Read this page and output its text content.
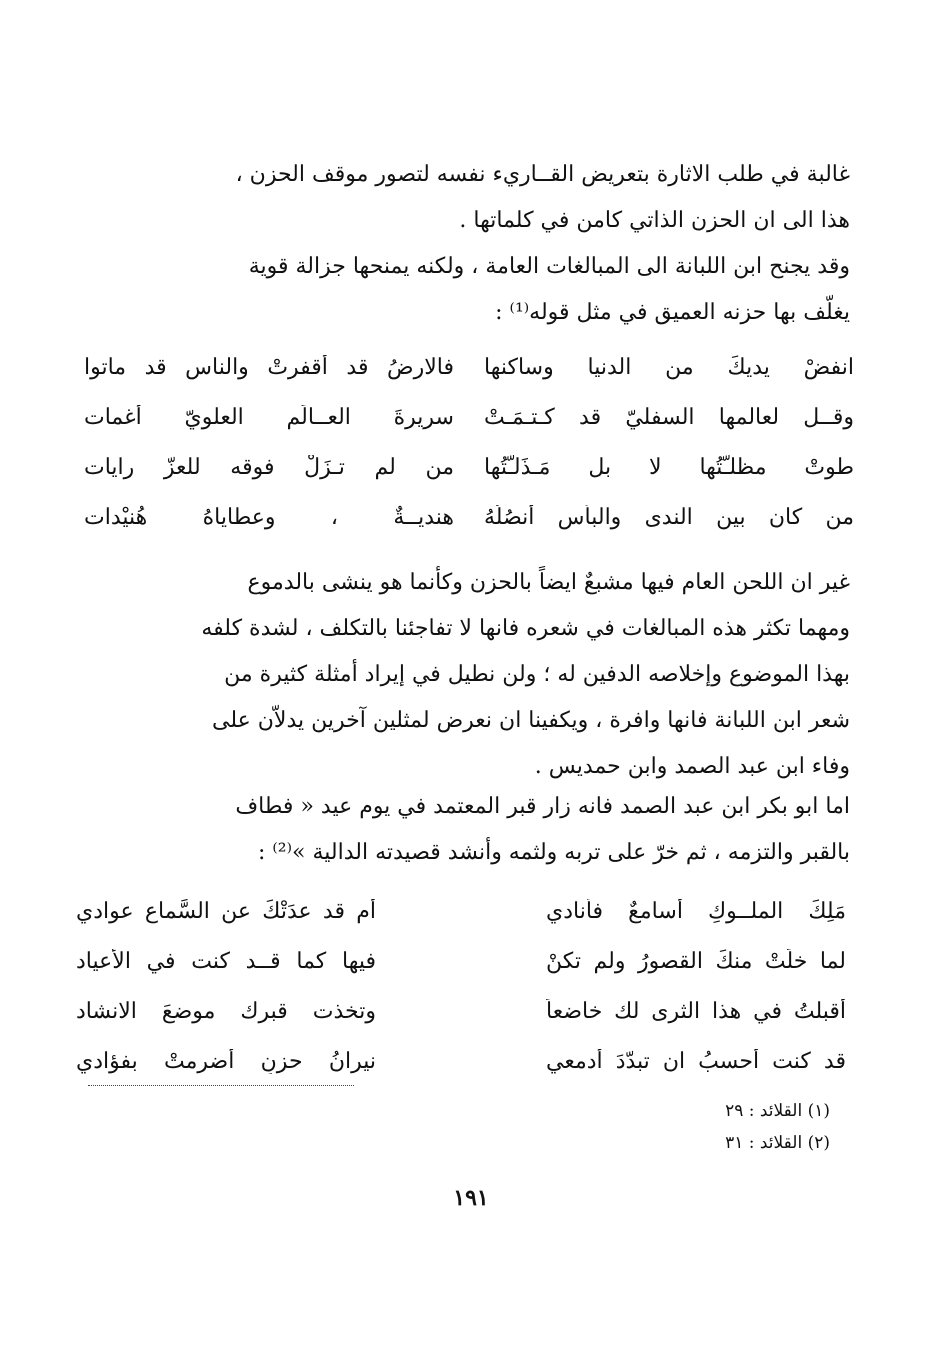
غالبة في طلب الاثارة بتعريض القــاريء نفسه لتصور موقف الحزن ،
هذا الى ان الحزن الذاتي كامن في كلماتها .
وقد يجنح ابن اللبانة الى المبالغات العامة ، ولكنه يمنحها جزالة قوية
يغلّف بها حزنه العميق في مثل قوله⁽¹⁾ :
انفضْ يديكَ من الدنيا وساكنها
فالارضُ قد أقفرتْ والناس قد ماتوا
وقــل لعالمها السفليّ قد كـتـمَـتْ
سريرةَ العــالَمِ العلويّ أغمات
طوتْ مظلـّتُها لا بل مَـذَلـّتُها
من لم تـزَلْ فوقه للعزّ رايات
من كان بين الندى والبأس أنصُلُهُ
هنديــةٌ ، وعطاياهُ هُنيْدات
غير ان اللحن العام فيها مشبعٌ ايضاً بالحزن وكأنما هو ينشى بالدموع
ومهما تكثر هذه المبالغات في شعره فانها لا تفاجئنا بالتكلف ، لشدة كلفه
بهذا الموضوع وإخلاصه الدفين له ؛ ولن نطيل في إيراد أمثلة كثيرة من
شعر ابن اللبانة فانها وافرة ، ويكفينا ان نعرض لمثلين آخرين يدلاّن على
وفاء ابن عبد الصمد وابن حمديس .
اما ابو بكر ابن عبد الصمد فانه زار قبر المعتمد في يوم عيد « فطاف
بالقبر والتزمه ، ثم خرّ على تربه ولثمه وأنشد قصيدته الدالية »⁽²⁾ :
مَلِكَ الملــوكِ أسامعٌ فأنادي
أم قد عدَتْكَ عن السَّماعِ عوادي
لما خلَتْ منكَ القصورُ ولم تكنْ
فيها كما قــد كنت في الأعياد
أقبلتُ في هذا الثرى لك خاضعاً
وتخذت قبرك موضعَ الانشاد
قد كنت أحسبُ ان تبدّدَ أدمعي
نيرانُ حزنٍ أضرمتْ بفؤادي
(١) القلائد : ٢٩
(٢) القلائد : ٣١
١٩١
